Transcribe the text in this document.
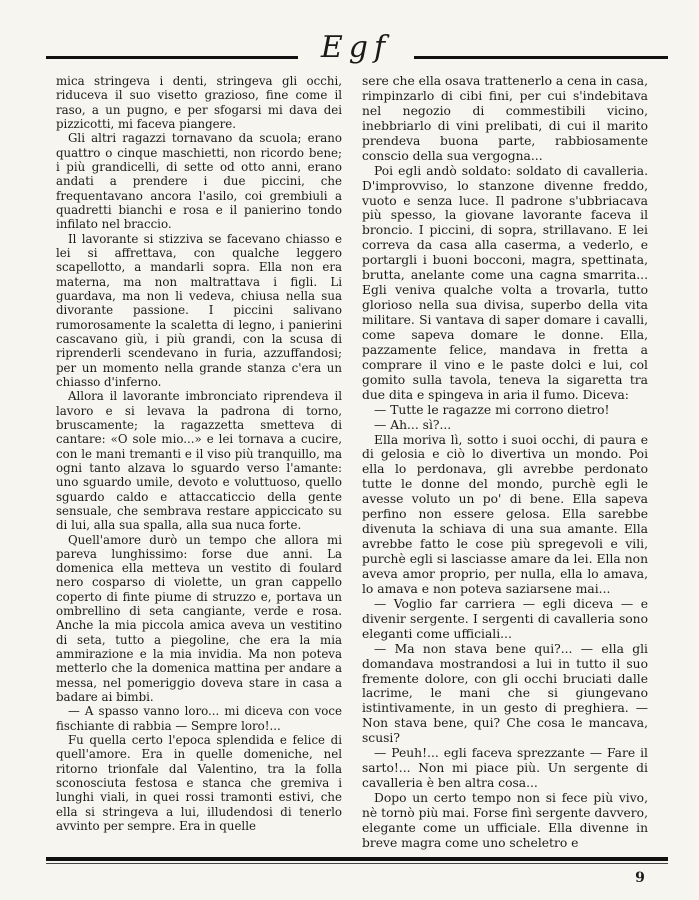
Egf

mica stringeva i denti, stringeva gli occhi, riduceva il suo visetto grazioso, fine come il raso, a un pugno, e per sfogarsi mi dava dei pizzicotti, mi faceva piangere.

Gli altri ragazzi tornavano da scuola; erano quattro o cinque maschietti, non ricordo bene; i più grandicelli, di sette od otto anni, erano andati a prendere i due piccini, che frequentavano ancora l'asilo, coi grembiuli a quadretti bianchi e rosa e il panierino tondo infilato nel braccio.

Il lavorante si stizziva se facevano chiasso e lei si affrettava, con qualche leggero scapellotto, a mandarli sopra. Ella non era materna, ma non maltrattava i figli. Li guardava, ma non li vedeva, chiusa nella sua divorante passione. I piccini salivano rumorosamente la scaletta di legno, i panierini cascavano giù, i più grandi, con la scusa di riprenderli scendevano in furia, azzuffandosi; per un momento nella grande stanza c'era un chiasso d'inferno.

Allora il lavorante imbronciato riprendeva il lavoro e si levava la padrona di torno, bruscamente; la ragazzetta smetteva di cantare: «O sole mio...» e lei tornava a cucire, con le mani tremanti e il viso più tranquillo, ma ogni tanto alzava lo sguardo verso l'amante: uno sguardo umile, devoto e voluttuoso, quello sguardo caldo e attaccaticcio della gente sensuale, che sembrava restare appiccicato su di lui, alla sua spalla, alla sua nuca forte.

Quell'amore durò un tempo che allora mi pareva lunghissimo: forse due anni. La domenica ella metteva un vestito di foulard nero cosparso di violette, un gran cappello coperto di finte piume di struzzo e, portava un ombrellino di seta cangiante, verde e rosa. Anche la mia piccola amica aveva un vestitino di seta, tutto a piegoline, che era la mia ammirazione e la mia invidia. Ma non poteva metterlo che la domenica mattina per andare a messa, nel pomeriggio doveva stare in casa a badare ai bimbi.

— A spasso vanno loro... mi diceva con voce fischiante di rabbia — Sempre loro!...

Fu quella certo l'epoca splendida e felice di quell'amore. Era in quelle domeniche, nel ritorno trionfale dal Valentino, tra la folla sconosciuta festosa e stanca che gremiva i lunghi viali, in quei rossi tramonti estivi, che ella si stringeva a lui, illudendosi di tenerlo avvinto per sempre. Era in quelle

sere che ella osava trattenerlo a cena in casa, rimpinzarlo di cibi fini, per cui s'indebitava nel negozio di commestibili vicino, inebbriarlo di vini prelibati, di cui il marito prendeva buona parte, rabbiosamente conscio della sua vergogna...

Poi egli andò soldato: soldato di cavalleria. D'improvviso, lo stanzone divenne freddo, vuoto e senza luce. Il padrone s'ubbriacava più spesso, la giovane lavorante faceva il broncio. I piccini, di sopra, strillavano. E lei correva da casa alla caserma, a vederlo, e portargli i buoni bocconi, magra, spettinata, brutta, anelante come una cagna smarrita... Egli veniva qualche volta a trovarla, tutto glorioso nella sua divisa, superbo della vita militare. Si vantava di saper domare i cavalli, come sapeva domare le donne. Ella, pazzamente felice, mandava in fretta a comprare il vino e le paste dolci e lui, col gomito sulla tavola, teneva la sigaretta tra due dita e spingeva in aria il fumo. Diceva:

— Tutte le ragazze mi corrono dietro!

— Ah... sì?...

Ella moriva lì, sotto i suoi occhi, di paura e di gelosia e ciò lo divertiva un mondo. Poi ella lo perdonava, gli avrebbe perdonato tutte le donne del mondo, purchè egli le avesse voluto un po' di bene. Ella sapeva perfino non essere gelosa. Ella sarebbe divenuta la schiava di una sua amante. Ella avrebbe fatto le cose più spregevoli e vili, purchè egli si lasciasse amare da lei. Ella non aveva amor proprio, per nulla, ella lo amava, lo amava e non poteva saziarsene mai...

— Voglio far carriera — egli diceva — e divenir sergente. I sergenti di cavalleria sono eleganti come ufficiali...

— Ma non stava bene qui?... — ella gli domandava mostrandosi a lui in tutto il suo fremente dolore, con gli occhi bruciati dalle lacrime, le mani che si giungevano istintivamente, in un gesto di preghiera. — Non stava bene, qui? Che cosa le mancava, scusi?

— Peuh!... egli faceva sprezzante — Fare il sarto!... Non mi piace più. Un sergente di cavalleria è ben altra cosa...

Dopo un certo tempo non si fece più vivo, nè tornò più mai. Forse finì sergente davvero, elegante come un ufficiale. Ella divenne in breve magra come uno scheletro e

9
